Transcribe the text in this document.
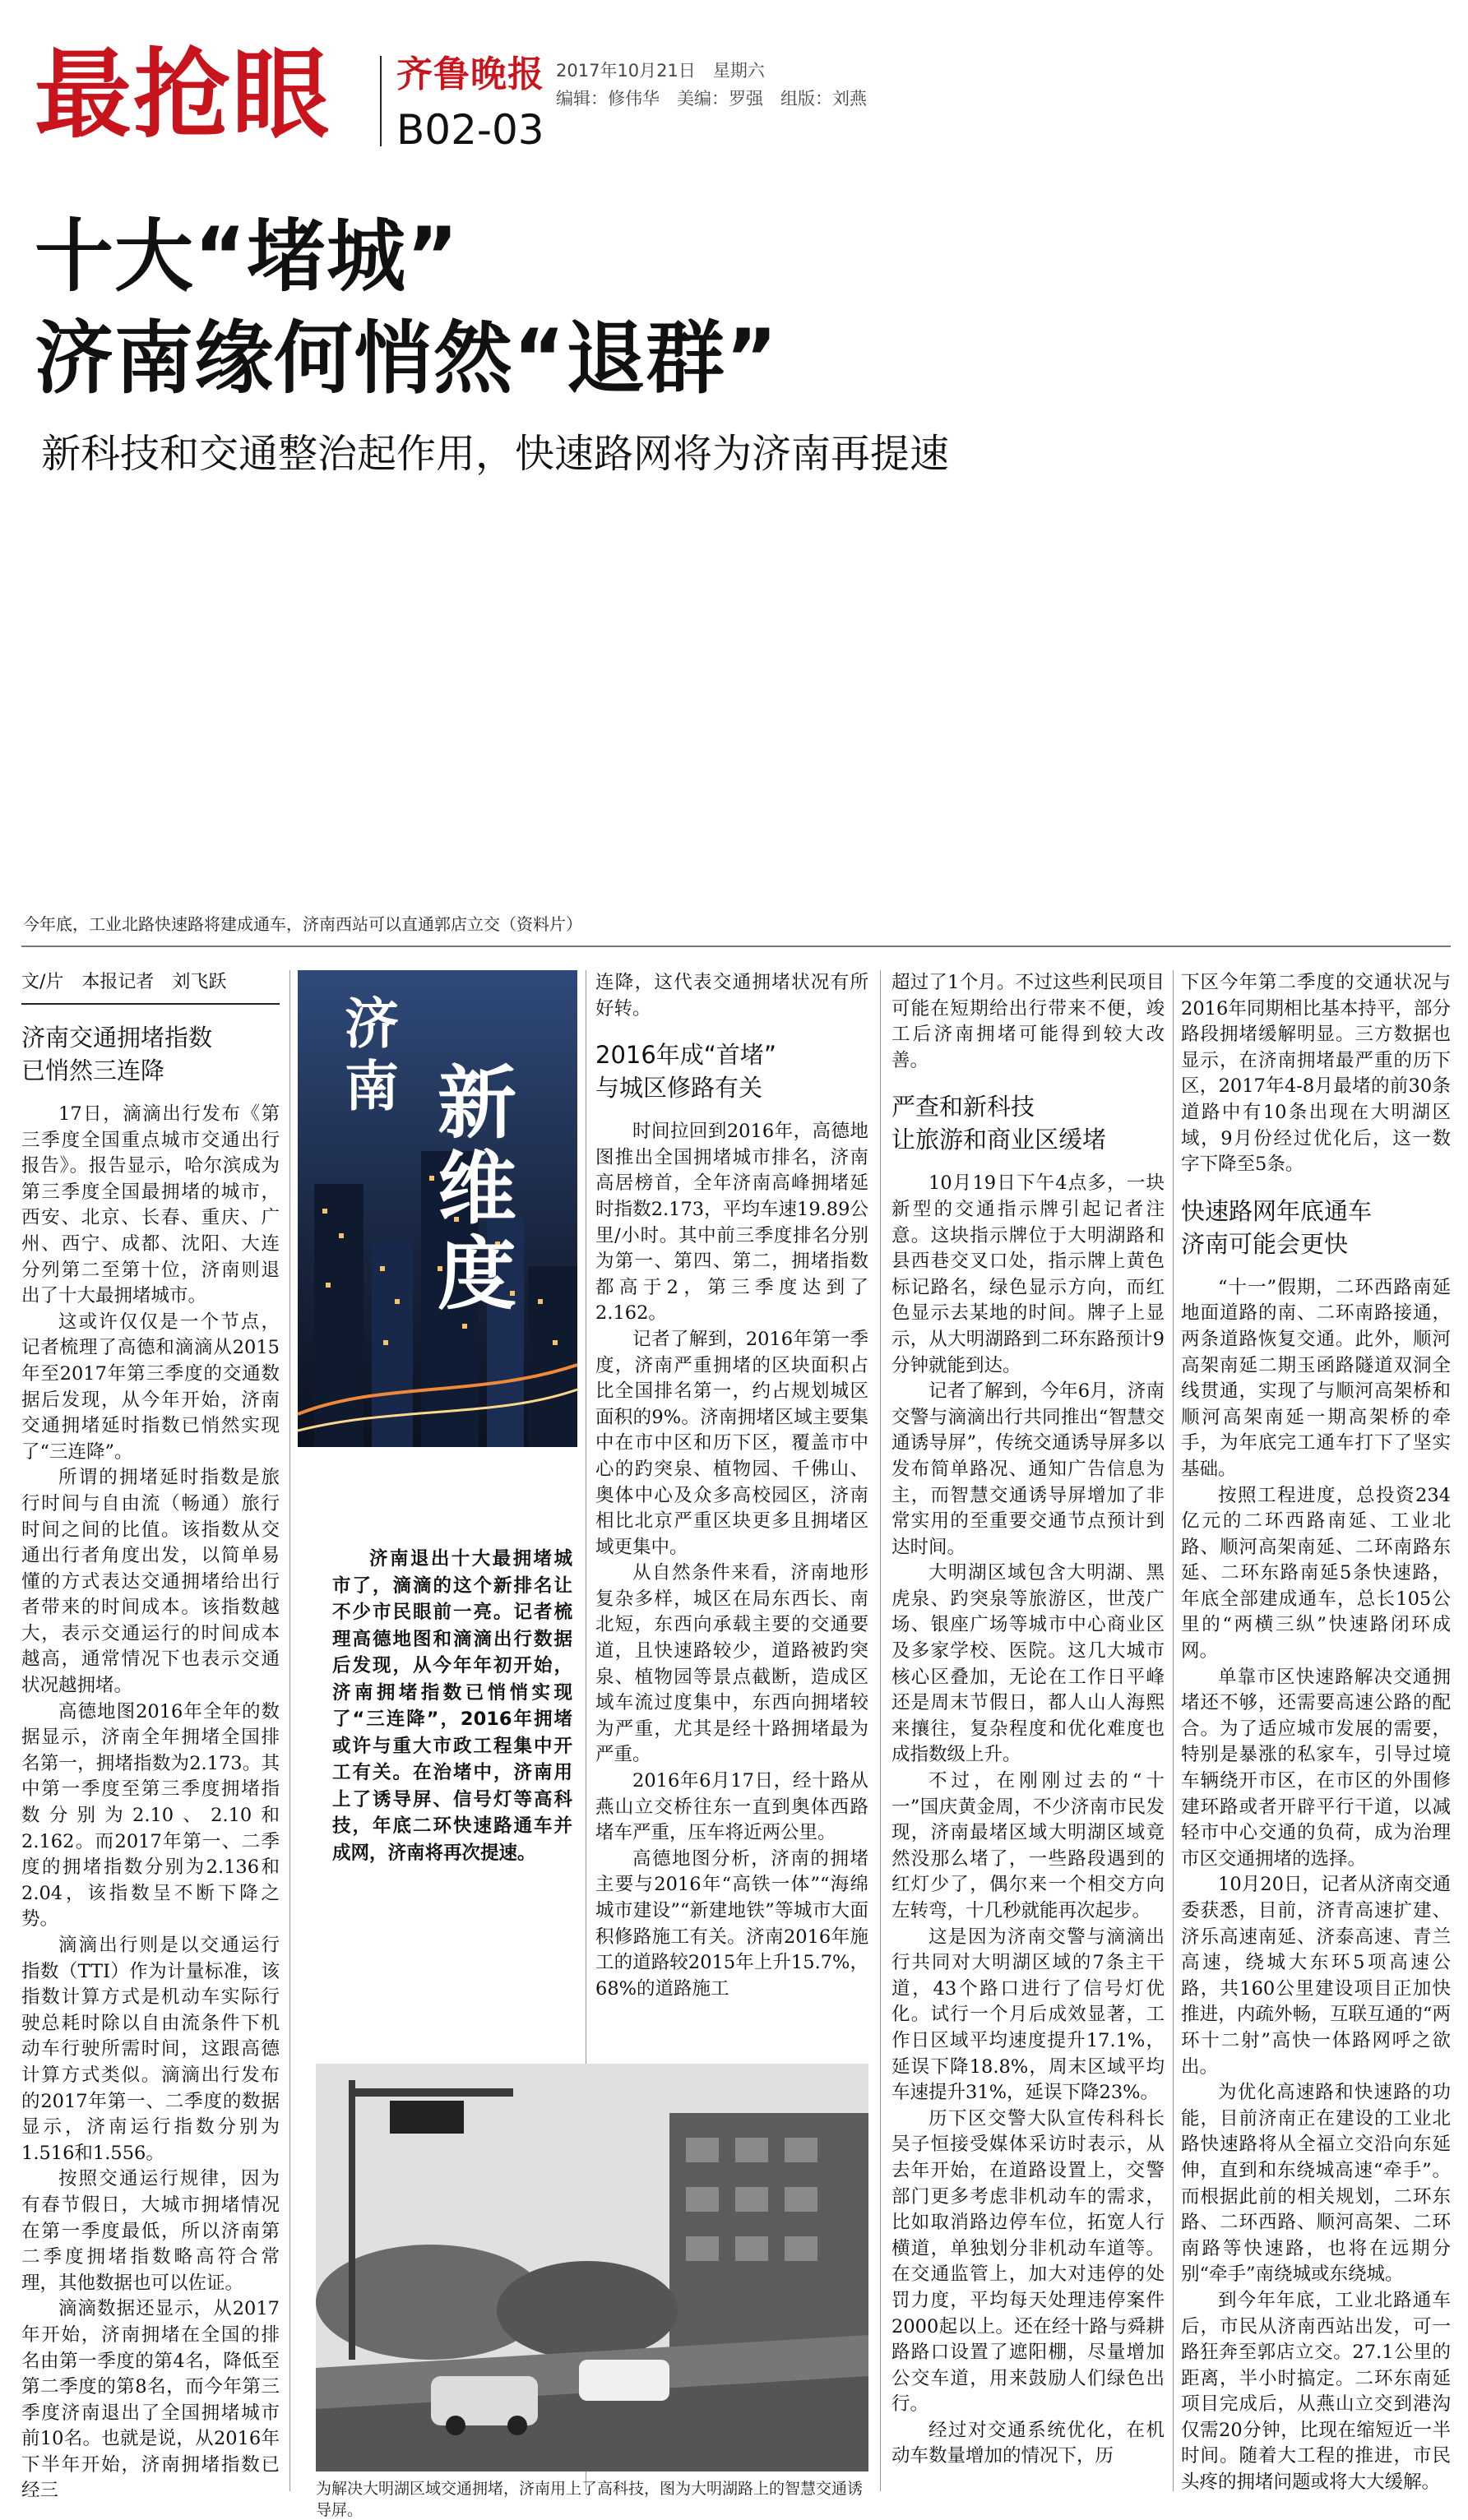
最抢眼 齐鲁晚报
B02-03
2017年10月21日　星期六
编辑：修伟华　美编：罗强　组版：刘燕
十大“堵城”
济南缘何悄然“退群”
新科技和交通整治起作用，快速路网将为济南再提速
今年底，工业北路快速路将建成通车，济南西站可以直通郭店立交（资料片）
文/片　本报记者　刘飞跃
济南交通拥堵指数
已悄然三连降

17日，滴滴出行发布《第三季度全国重点城市交通出行报告》。报告显示，哈尔滨成为第三季度全国最拥堵的城市，西安、北京、长春、重庆、广州、西宁、成都、沈阳、大连分列第二至第十位，济南则退出了十大最拥堵城市。

这或许仅仅是一个节点，记者梳理了高德和滴滴从2015年至2017年第三季度的交通数据后发现，从今年开始，济南交通拥堵延时指数已悄然实现了“三连降”。

所谓的拥堵延时指数是旅行时间与自由流（畅通）旅行时间之间的比值。该指数从交通出行者角度出发，以简单易懂的方式表达交通拥堵给出行者带来的时间成本。该指数越大，表示交通运行的时间成本越高，通常情况下也表示交通状况越拥堵。

高德地图2016年全年的数据显示，济南全年拥堵全国排名第一，拥堵指数为2.173。其中第一季度至第三季度拥堵指数分别为2.10、2.10和2.162。而2017年第一、二季度的拥堵指数分别为2.136和2.04，该指数呈不断下降之势。

滴滴出行则是以交通运行指数（TTI）作为计量标准，该指数计算方式是机动车实际行驶总耗时除以自由流条件下机动车行驶所需时间，这跟高德计算方式类似。滴滴出行发布的2017年第一、二季度的数据显示，济南运行指数分别为1.516和1.556。

按照交通运行规律，因为有春节假日，大城市拥堵情况在第一季度最低，所以济南第二季度拥堵指数略高符合常理，其他数据也可以佐证。

滴滴数据还显示，从2017年开始，济南拥堵在全国的排名由第一季度的第4名，降低至第二季度的第8名，而今年第三季度济南退出了全国拥堵城市前10名。也就是说，从2016年下半年开始，济南拥堵指数已经三

济南 新维度
济南退出十大最拥堵城市了，滴滴的这个新排名让不少市民眼前一亮。记者梳理高德地图和滴滴出行数据后发现，从今年年初开始，济南拥堵指数已悄悄实现了“三连降”，2016年拥堵或许与重大市政工程集中开工有关。在治堵中，济南用上了诱导屏、信号灯等高科技，年底二环快速路通车并成网，济南将再次提速。
为解决大明湖区域交通拥堵，济南用上了高科技，图为大明湖路上的智慧交通诱导屏。

连降，这代表交通拥堵状况有所好转。

2016年成“首堵”
与城区修路有关

时间拉回到2016年，高德地图推出全国拥堵城市排名，济南高居榜首，全年济南高峰拥堵延时指数2.173，平均车速19.89公里/小时。其中前三季度排名分别为第一、第四、第二，拥堵指数都高于2，第三季度达到了2.162。

记者了解到，2016年第一季度，济南严重拥堵的区块面积占比全国排名第一，约占规划城区面积的9%。济南拥堵区域主要集中在市中区和历下区，覆盖市中心的趵突泉、植物园、千佛山、奥体中心及众多高校园区，济南相比北京严重区块更多且拥堵区域更集中。

从自然条件来看，济南地形复杂多样，城区在局东西长、南北短，东西向承载主要的交通要道，且快速路较少，道路被趵突泉、植物园等景点截断，造成区域车流过度集中，东西向拥堵较为严重，尤其是经十路拥堵最为严重。

2016年6月17日，经十路从燕山立交桥往东一直到奥体西路堵车严重，压车将近两公里。

高德地图分析，济南的拥堵主要与2016年“高铁一体”“海绵城市建设”“新建地铁”等城市大面积修路施工有关。济南2016年施工的道路较2015年上升15.7%，68%的道路施工

超过了1个月。不过这些利民项目可能在短期给出行带来不便，竣工后济南拥堵可能得到较大改善。

严查和新科技
让旅游和商业区缓堵

10月19日下午4点多，一块新型的交通指示牌引起记者注意。这块指示牌位于大明湖路和县西巷交叉口处，指示牌上黄色标记路名，绿色显示方向，而红色显示去某地的时间。牌子上显示，从大明湖路到二环东路预计9分钟就能到达。

记者了解到，今年6月，济南交警与滴滴出行共同推出“智慧交通诱导屏”，传统交通诱导屏多以发布简单路况、通知广告信息为主，而智慧交通诱导屏增加了非常实用的至重要交通节点预计到达时间。

大明湖区域包含大明湖、黑虎泉、趵突泉等旅游区，世茂广场、银座广场等城市中心商业区及多家学校、医院。这几大城市核心区叠加，无论在工作日平峰还是周末节假日，都人山人海熙来攘往，复杂程度和优化难度也成指数级上升。

不过，在刚刚过去的“十一”国庆黄金周，不少济南市民发现，济南最堵区域大明湖区域竟然没那么堵了，一些路段遇到的红灯少了，偶尔来一个相交方向左转弯，十几秒就能再次起步。

这是因为济南交警与滴滴出行共同对大明湖区域的7条主干道，43个路口进行了信号灯优化。试行一个月后成效显著，工作日区域平均速度提升17.1%，延误下降18.8%，周末区域平均车速提升31%，延误下降23%。

历下区交警大队宣传科科长吴子恒接受媒体采访时表示，从去年开始，在道路设置上，交警部门更多考虑非机动车的需求，比如取消路边停车位，拓宽人行横道，单独划分非机动车道等。在交通监管上，加大对违停的处罚力度，平均每天处理违停案件2000起以上。还在经十路与舜耕路路口设置了遮阳棚，尽量增加公交车道，用来鼓励人们绿色出行。

经过对交通系统优化，在机动车数量增加的情况下，历

下区今年第二季度的交通状况与2016年同期相比基本持平，部分路段拥堵缓解明显。三方数据也显示，在济南拥堵最严重的历下区，2017年4-8月最堵的前30条道路中有10条出现在大明湖区域，9月份经过优化后，这一数字下降至5条。

快速路网年底通车
济南可能会更快

“十一”假期，二环西路南延地面道路的南、二环南路接通，两条道路恢复交通。此外，顺河高架南延二期玉函路隧道双洞全线贯通，实现了与顺河高架桥和顺河高架南延一期高架桥的牵手，为年底完工通车打下了坚实基础。

按照工程进度，总投资234亿元的二环西路南延、工业北路、顺河高架南延、二环南路东延、二环东路南延5条快速路，年底全部建成通车，总长105公里的“两横三纵”快速路闭环成网。

单靠市区快速路解决交通拥堵还不够，还需要高速公路的配合。为了适应城市发展的需要，特别是暴涨的私家车，引导过境车辆绕开市区，在市区的外围修建环路或者开辟平行干道，以减轻市中心交通的负荷，成为治理市区交通拥堵的选择。

10月20日，记者从济南交通委获悉，目前，济青高速扩建、济乐高速南延、济泰高速、青兰高速，绕城大东环5项高速公路，共160公里建设项目正加快推进，内疏外畅，互联互通的“两环十二射”高快一体路网呼之欲出。

为优化高速路和快速路的功能，目前济南正在建设的工业北路快速路将从全福立交沿向东延伸，直到和东绕城高速“牵手”。而根据此前的相关规划，二环东路、二环西路、顺河高架、二环南路等快速路，也将在远期分别“牵手”南绕城或东绕城。

到今年年底，工业北路通车后，市民从济南西站出发，可一路狂奔至郭店立交。27.1公里的距离，半小时搞定。二环东南延项目完成后，从燕山立交到港沟仅需20分钟，比现在缩短近一半时间。随着大工程的推进，市民头疼的拥堵问题或将大大缓解。
